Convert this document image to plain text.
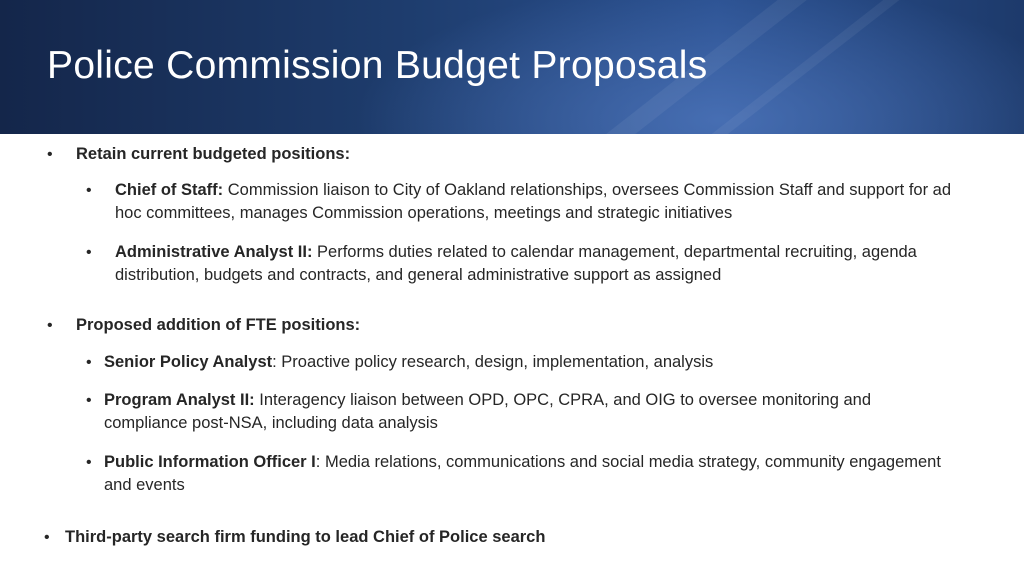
Police Commission Budget Proposals
•	Retain current budgeted positions:
•	Chief of Staff: Commission liaison to City of Oakland relationships, oversees Commission Staff and support for ad hoc committees, manages Commission operations, meetings and strategic initiatives
•	Administrative Analyst II: Performs duties related to calendar management, departmental recruiting, agenda distribution, budgets and contracts, and general administrative support as assigned
•	Proposed addition of FTE positions:
• Senior Policy Analyst: Proactive policy research, design, implementation, analysis
• Program Analyst II: Interagency liaison between OPD, OPC, CPRA, and OIG to oversee monitoring and compliance post-NSA, including data analysis
• Public Information Officer I: Media relations, communications and social media strategy, community engagement and events
• Third-party search firm funding to lead Chief of Police search
